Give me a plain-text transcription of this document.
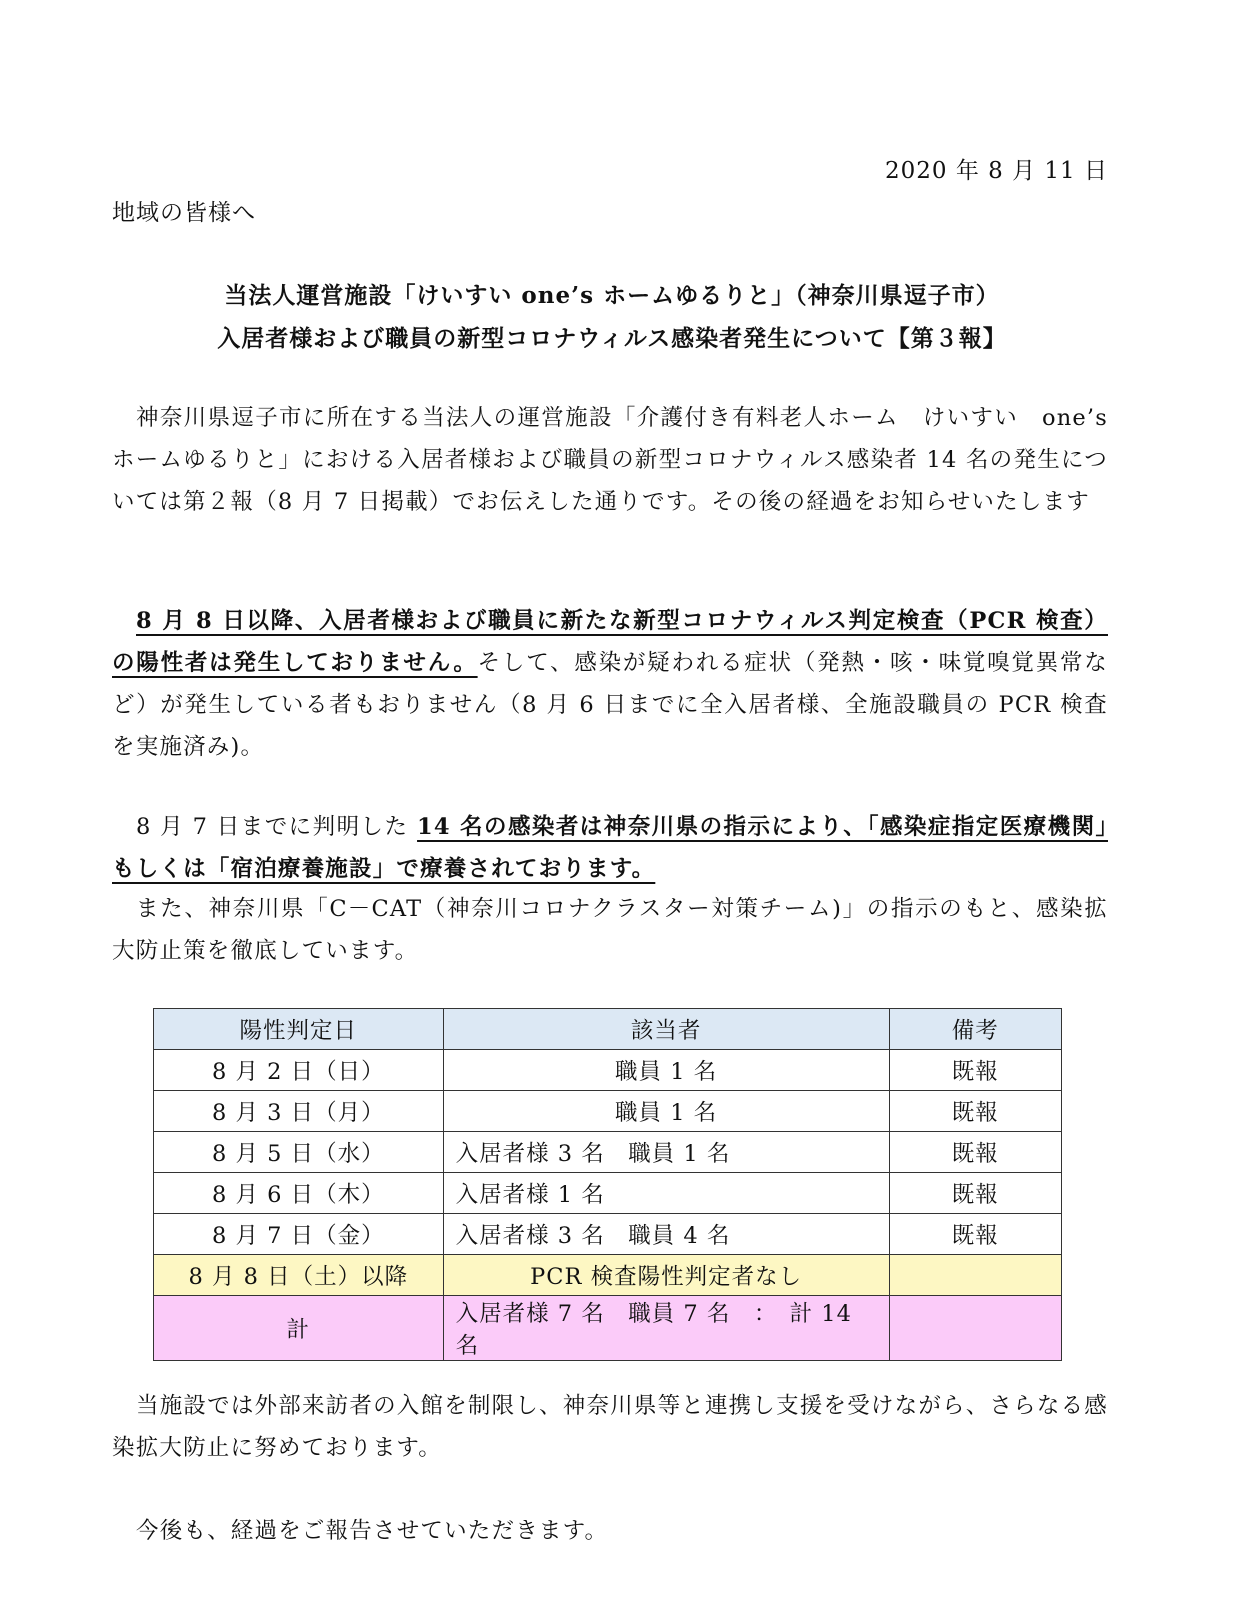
2020 年 8 月 11 日
地域の皆様へ
当法人運営施設「けいすい one’s ホームゆるりと」（神奈川県逗子市）
入居者様および職員の新型コロナウィルス感染者発生について【第３報】
神奈川県逗子市に所在する当法人の運営施設「介護付き有料老人ホーム　けいすい　one’s ホームゆるりと」における入居者様および職員の新型コロナウィルス感染者 14 名の発生については第２報（8 月 7 日掲載）でお伝えした通りです。その後の経過をお知らせいたします
8 月 8 日以降、入居者様および職員に新たな新型コロナウィルス判定検査（PCR 検査）の陽性者は発生しておりません。そして、感染が疑われる症状（発熱・咳・味覚嗅覚異常など）が発生している者もおりません（8 月 6 日までに全入居者様、全施設職員の PCR 検査を実施済み)。
8 月 7 日までに判明した 14 名の感染者は神奈川県の指示により、「感染症指定医療機関」もしくは「宿泊療養施設」で療養されております。
また、神奈川県「C－CAT（神奈川コロナクラスター対策チーム)」の指示のもと、感染拡大防止策を徹底しています。
陽性判定日	該当者	備考
8 月 2 日（日）	職員 1 名	既報
8 月 3 日（月）	職員 1 名	既報
8 月 5 日（水）	入居者様 3 名　職員 1 名	既報
8 月 6 日（木）	入居者様 1 名	既報
8 月 7 日（金）	入居者様 3 名　職員 4 名	既報
8 月 8 日（土）以降	PCR 検査陽性判定者なし	
計	入居者様 7 名　職員 7 名　：　計 14 名	
当施設では外部来訪者の入館を制限し、神奈川県等と連携し支援を受けながら、さらなる感染拡大防止に努めております。
今後も、経過をご報告させていただきます。
